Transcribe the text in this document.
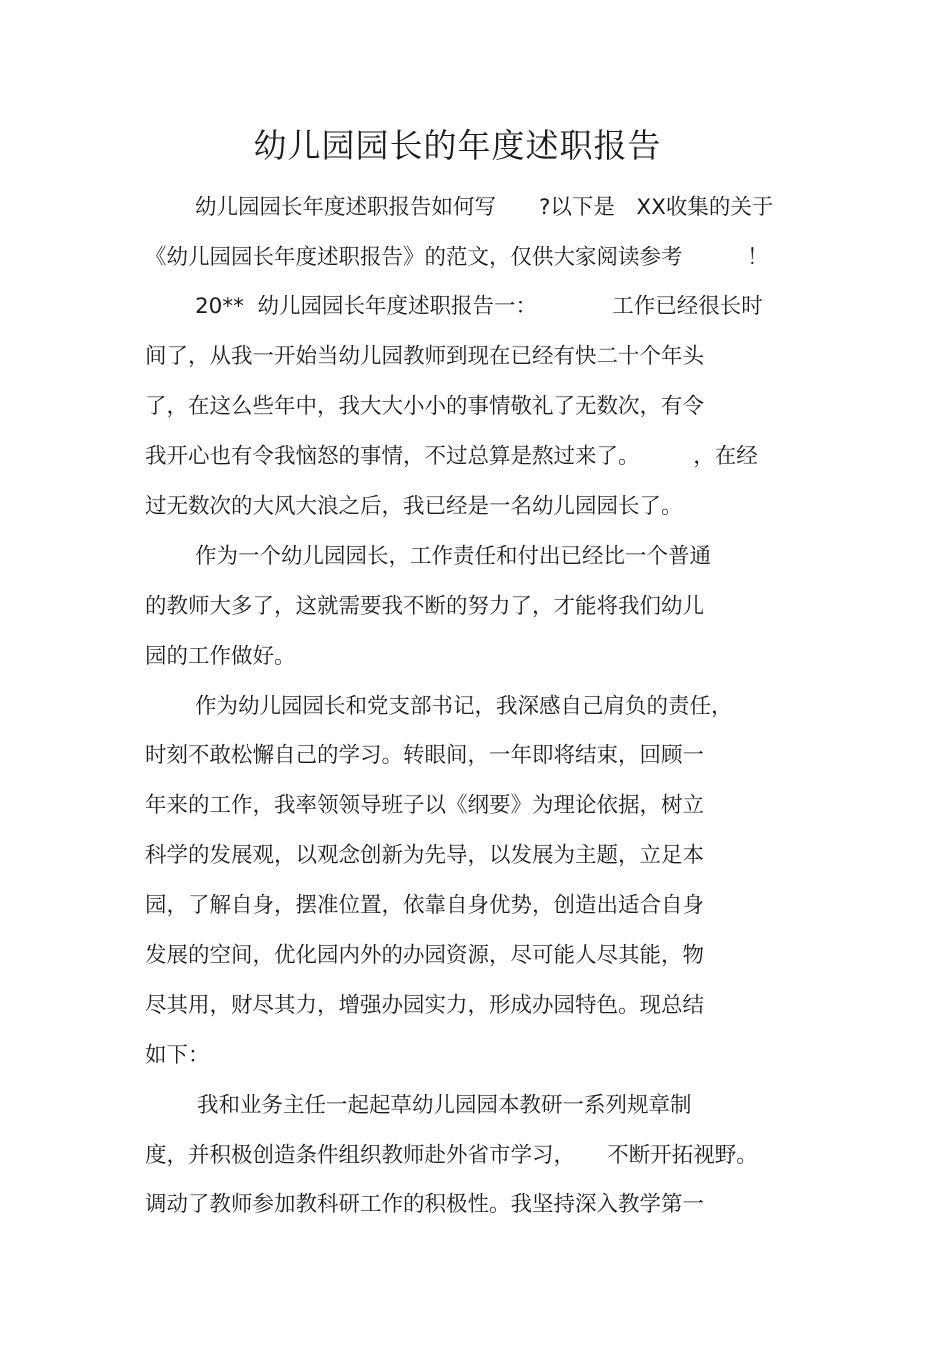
幼儿园园长的年度述职报告
幼儿园园长年度述职报告如何写　　?以下是　XX收集的关于
《幼儿园园长年度述职报告》的范文，仅供大家阅读参考　　　！
20**  幼儿园园长年度述职报告一：　　　　工作已经很长时
间了，从我一开始当幼儿园教师到现在已经有快二十个年头
了，在这么些年中，我大大小小的事情敬礼了无数次，有令
我开心也有令我恼怒的事情，不过总算是熬过来了。　　　，在经
过无数次的大风大浪之后，我已经是一名幼儿园园长了。
作为一个幼儿园园长，工作责任和付出已经比一个普通
的教师大多了，这就需要我不断的努力了，才能将我们幼儿
园的工作做好。
作为幼儿园园长和党支部书记，我深感自己肩负的责任，
时刻不敢松懈自己的学习。转眼间，一年即将结束，回顾一
年来的工作，我率领领导班子以《纲要》为理论依据，树立
科学的发展观，以观念创新为先导，以发展为主题，立足本
园，了解自身，摆准位置，依靠自身优势，创造出适合自身
发展的空间，优化园内外的办园资源，尽可能人尽其能，物
尽其用，财尽其力，增强办园实力，形成办园特色。现总结
如下：
我和业务主任一起起草幼儿园园本教研一系列规章制
度，并积极创造条件组织教师赴外省市学习，　　不断开拓视野。
调动了教师参加教科研工作的积极性。我坚持深入教学第一
